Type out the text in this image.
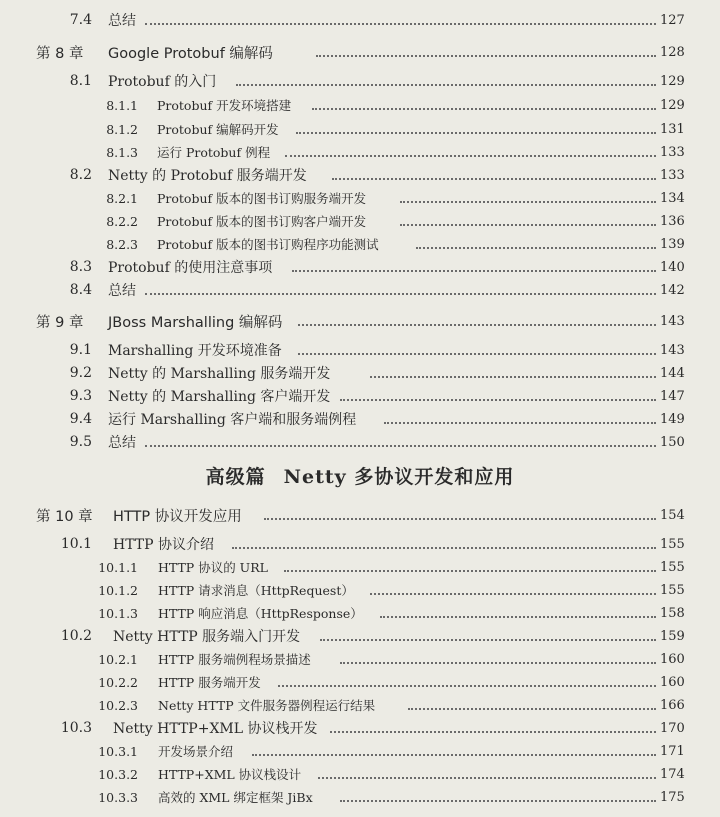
7.4 总结	127
第 8 章 Google Protobuf 编解码	128
8.1 Protobuf 的入门	129
8.1.1 Protobuf 开发环境搭建	129
8.1.2 Protobuf 编解码开发	131
8.1.3 运行 Protobuf 例程	133
8.2 Netty 的 Protobuf 服务端开发	133
8.2.1 Protobuf 版本的图书订购服务端开发	134
8.2.2 Protobuf 版本的图书订购客户端开发	136
8.2.3 Protobuf 版本的图书订购程序功能测试	139
8.3 Protobuf 的使用注意事项	140
8.4 总结	142
第 9 章 JBoss Marshalling 编解码	143
9.1 Marshalling 开发环境准备	143
9.2 Netty 的 Marshalling 服务端开发	144
9.3 Netty 的 Marshalling 客户端开发	147
9.4 运行 Marshalling 客户端和服务端例程	149
9.5 总结	150
高级篇 Netty 多协议开发和应用
第 10 章 HTTP 协议开发应用	154
10.1 HTTP 协议介绍	155
10.1.1 HTTP 协议的 URL	155
10.1.2 HTTP 请求消息（HttpRequest）	155
10.1.3 HTTP 响应消息（HttpResponse）	158
10.2 Netty HTTP 服务端入门开发	159
10.2.1 HTTP 服务端例程场景描述	160
10.2.2 HTTP 服务端开发	160
10.2.3 Netty HTTP 文件服务器例程运行结果	166
10.3 Netty HTTP+XML 协议栈开发	170
10.3.1 开发场景介绍	171
10.3.2 HTTP+XML 协议栈设计	174
10.3.3 高效的 XML 绑定框架 JiBx	175
